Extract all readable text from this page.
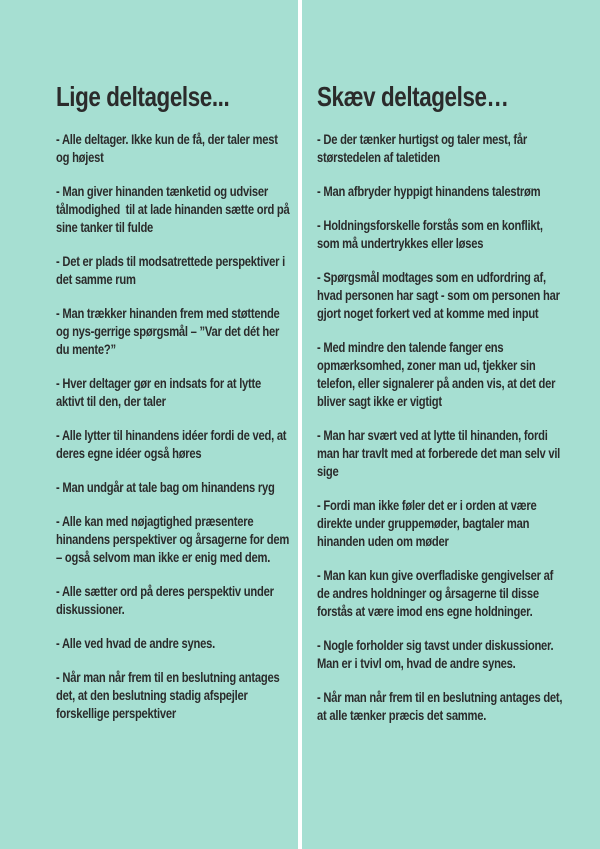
Lige deltagelse...

- Alle deltager. Ikke kun de få, der taler mest og højest

- Man giver hinanden tænketid og udviser tålmodighed  til at lade hinanden sætte ord på sine tanker til fulde

- Det er plads til modsatrettede perspektiver i det samme rum

- Man trækker hinanden frem med støttende og nys-gerrige spørgsmål – ”Var det dét her du mente?”

- Hver deltager gør en indsats for at lytte aktivt til den, der taler

- Alle lytter til hinandens idéer fordi de ved, at deres egne idéer også høres

- Man undgår at tale bag om hinandens ryg

- Alle kan med nøjagtighed præsentere hinandens perspektiver og årsagerne for dem – også selvom man ikke er enig med dem.

- Alle sætter ord på deres perspektiv under diskussioner.

- Alle ved hvad de andre synes.

- Når man når frem til en beslutning antages det, at den beslutning stadig afspejler forskellige perspektiver

Skæv deltagelse…

- De der tænker hurtigst og taler mest, får størstedelen af taletiden

- Man afbryder hyppigt hinandens talestrøm

- Holdningsforskelle forstås som en konflikt, som må undertrykkes eller løses

- Spørgsmål modtages som en udfordring af, hvad personen har sagt - som om personen har gjort noget forkert ved at komme med input

- Med mindre den talende fanger ens opmærksomhed, zoner man ud, tjekker sin telefon, eller signalerer på anden vis, at det der bliver sagt ikke er vigtigt

- Man har svært ved at lytte til hinanden, fordi man har travlt med at forberede det man selv vil sige

- Fordi man ikke føler det er i orden at være direkte under gruppemøder, bagtaler man hinanden uden om møder

- Man kan kun give overfladiske gengivelser af de andres holdninger og årsagerne til disse forstås at være imod ens egne holdninger.

- Nogle forholder sig tavst under diskussioner. Man er i tvivl om, hvad de andre synes.

- Når man når frem til en beslutning antages det, at alle tænker præcis det samme.
